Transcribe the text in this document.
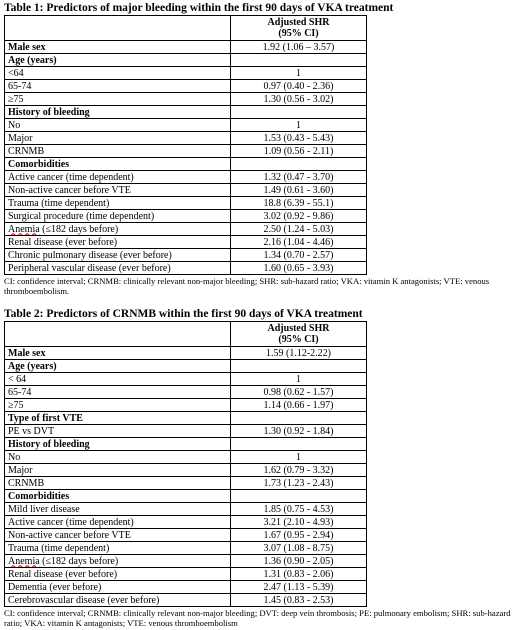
Table 1: Predictors of major bleeding within the first 90 days of VKA treatment

	Adjusted SHR
(95% CI)

Male sex	1.92 (1.06 – 3.57)
Age (years)	
<64	1
65-74	0.97 (0.40 - 2.36)
≥75	1.30 (0.56 - 3.02)
History of bleeding	
No	1
Major	1.53 (0.43 - 5.43)
CRNMB	1.09 (0.56 - 2.11)
Comorbidities	
Active cancer (time dependent)	1.32 (0.47 - 3.70)
Non-active cancer before VTE	1.49 (0.61 - 3.60)
Trauma (time dependent)	18.8 (6.39 - 55.1)
Surgical procedure (time dependent)	3.02 (0.92 - 9.86)
Anemia (≤182 days before)	2.50 (1.24 - 5.03)
Renal disease (ever before)	2.16 (1.04 - 4.46)
Chronic pulmonary disease (ever before)	1.34 (0.70 - 2.57)
Peripheral vascular disease (ever before)	1.60 (0.65 - 3.93)
CI: confidence interval; CRNMB: clinically relevant non-major bleeding; SHR: sub-hazard ratio; VKA: vitamin K antagonists; VTE: venous thromboembolism.
Table 2: Predictors of CRNMB within the first 90 days of VKA treatment

	Adjusted SHR
(95% CI)

Male sex	1.59 (1.12-2.22)
Age (years)	
< 64	1
65-74	0.98 (0.62 - 1.57)
≥75	1.14 (0.66 - 1.97)
Type of first VTE	
PE vs DVT	1.30 (0.92 - 1.84)
History of bleeding	
No	1
Major	1.62 (0.79 - 3.32)
CRNMB	1.73 (1.23 - 2.43)
Comorbidities	
Mild liver disease	1.85 (0.75 - 4.53)
Active cancer (time dependent)	3.21 (2.10 - 4.93)
Non-active cancer before VTE	1.67 (0.95 - 2.94)
Trauma (time dependent)	3.07 (1.08 - 8.75)
Anemia (≤182 days before)	1.36 (0.90 - 2.05)
Renal disease (ever before)	1.31 (0.83 - 2.06)
Dementia (ever before)	2.47 (1.13 - 5.39)
Cerebrovascular disease (ever before)	1.45 (0.83 - 2.53)
CI: confidence interval; CRNMB: clinically relevant non-major bleeding; DVT: deep vein thrombosis; PE: pulmonary embolism; SHR: sub-hazard ratio; VKA: vitamin K antagonists; VTE: venous thromboembolism
